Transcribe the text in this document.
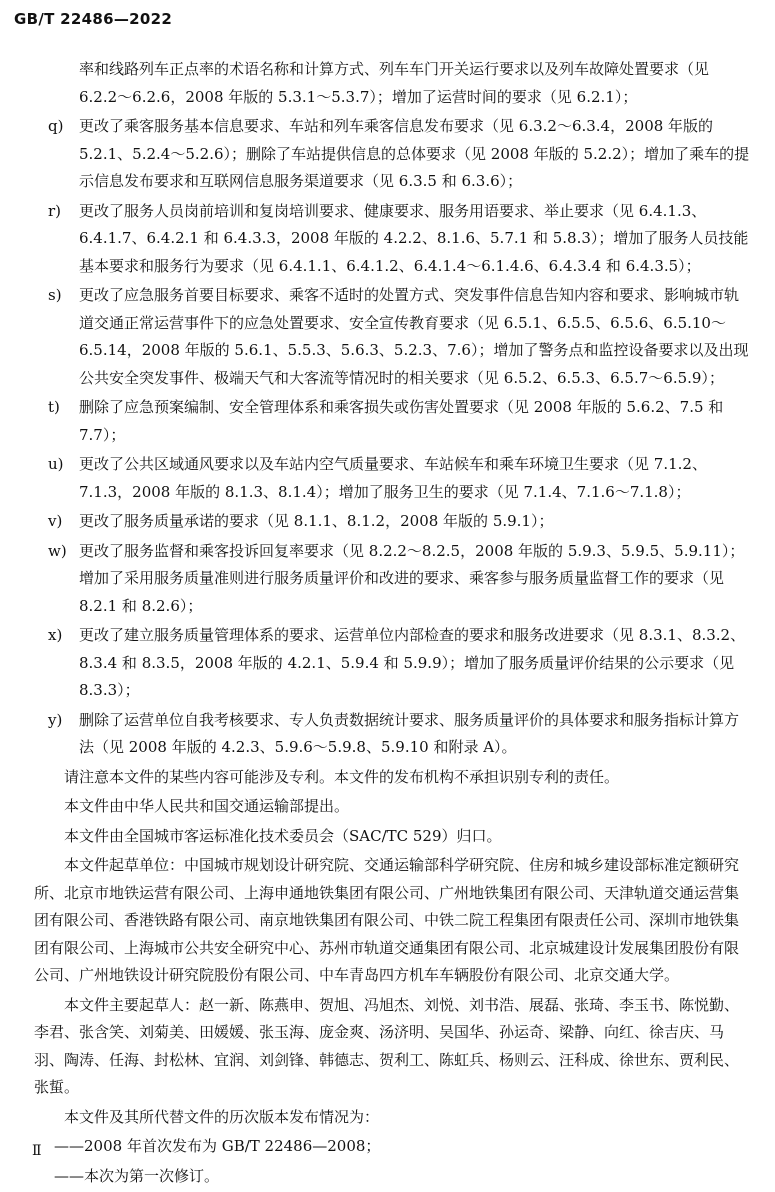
GB/T 22486—2022
率和线路列车正点率的术语名称和计算方式、列车车门开关运行要求以及列车故障处置要求（见 6.2.2～6.2.6，2008 年版的 5.3.1～5.3.7）；增加了运营时间的要求（见 6.2.1）；
q) 更改了乘客服务基本信息要求、车站和列车乘客信息发布要求（见 6.3.2～6.3.4，2008 年版的 5.2.1、5.2.4～5.2.6）；删除了车站提供信息的总体要求（见 2008 年版的 5.2.2）；增加了乘车的提示信息发布要求和互联网信息服务渠道要求（见 6.3.5 和 6.3.6）；
r) 更改了服务人员岗前培训和复岗培训要求、健康要求、服务用语要求、举止要求（见 6.4.1.3、6.4.1.7、6.4.2.1 和 6.4.3.3，2008 年版的 4.2.2、8.1.6、5.7.1 和 5.8.3）；增加了服务人员技能基本要求和服务行为要求（见 6.4.1.1、6.4.1.2、6.4.1.4～6.1.4.6、6.4.3.4 和 6.4.3.5）；
s) 更改了应急服务首要目标要求、乘客不适时的处置方式、突发事件信息告知内容和要求、影响城市轨道交通正常运营事件下的应急处置要求、安全宣传教育要求（见 6.5.1、6.5.5、6.5.6、6.5.10～6.5.14，2008 年版的 5.6.1、5.5.3、5.6.3、5.2.3、7.6）；增加了警务点和监控设备要求以及出现公共安全突发事件、极端天气和大客流等情况时的相关要求（见 6.5.2、6.5.3、6.5.7～6.5.9）；
t) 删除了应急预案编制、安全管理体系和乘客损失或伤害处置要求（见 2008 年版的 5.6.2、7.5 和 7.7）；
u) 更改了公共区域通风要求以及车站内空气质量要求、车站候车和乘车环境卫生要求（见 7.1.2、7.1.3，2008 年版的 8.1.3、8.1.4）；增加了服务卫生的要求（见 7.1.4、7.1.6～7.1.8）；
v) 更改了服务质量承诺的要求（见 8.1.1、8.1.2，2008 年版的 5.9.1）；
w) 更改了服务监督和乘客投诉回复率要求（见 8.2.2～8.2.5，2008 年版的 5.9.3、5.9.5、5.9.11）；增加了采用服务质量准则进行服务质量评价和改进的要求、乘客参与服务质量监督工作的要求（见 8.2.1 和 8.2.6）；
x) 更改了建立服务质量管理体系的要求、运营单位内部检查的要求和服务改进要求（见 8.3.1、8.3.2、8.3.4 和 8.3.5，2008 年版的 4.2.1、5.9.4 和 5.9.9）；增加了服务质量评价结果的公示要求（见 8.3.3）；
y) 删除了运营单位自我考核要求、专人负责数据统计要求、服务质量评价的具体要求和服务指标计算方法（见 2008 年版的 4.2.3、5.9.6～5.9.8、5.9.10 和附录 A）。

请注意本文件的某些内容可能涉及专利。本文件的发布机构不承担识别专利的责任。

本文件由中华人民共和国交通运输部提出。

本文件由全国城市客运标准化技术委员会（SAC/TC 529）归口。

本文件起草单位：中国城市规划设计研究院、交通运输部科学研究院、住房和城乡建设部标准定额研究所、北京市地铁运营有限公司、上海申通地铁集团有限公司、广州地铁集团有限公司、天津轨道交通运营集团有限公司、香港铁路有限公司、南京地铁集团有限公司、中铁二院工程集团有限责任公司、深圳市地铁集团有限公司、上海城市公共安全研究中心、苏州市轨道交通集团有限公司、北京城建设计发展集团股份有限公司、广州地铁设计研究院股份有限公司、中车青岛四方机车车辆股份有限公司、北京交通大学。

本文件主要起草人：赵一新、陈燕申、贺旭、冯旭杰、刘悦、刘书浩、展磊、张琦、李玉书、陈悦勤、李君、张含笑、刘菊美、田媛媛、张玉海、庞金爽、汤济明、吴国华、孙运奇、梁静、向红、徐吉庆、马羽、陶涛、任海、封松林、宜润、刘剑锋、韩德志、贺利工、陈虹兵、杨则云、汪科成、徐世东、贾利民、张蜇。

本文件及其所代替文件的历次版本发布情况为：

——2008 年首次发布为 GB/T 22486—2008；
——本次为第一次修订。
Ⅱ
